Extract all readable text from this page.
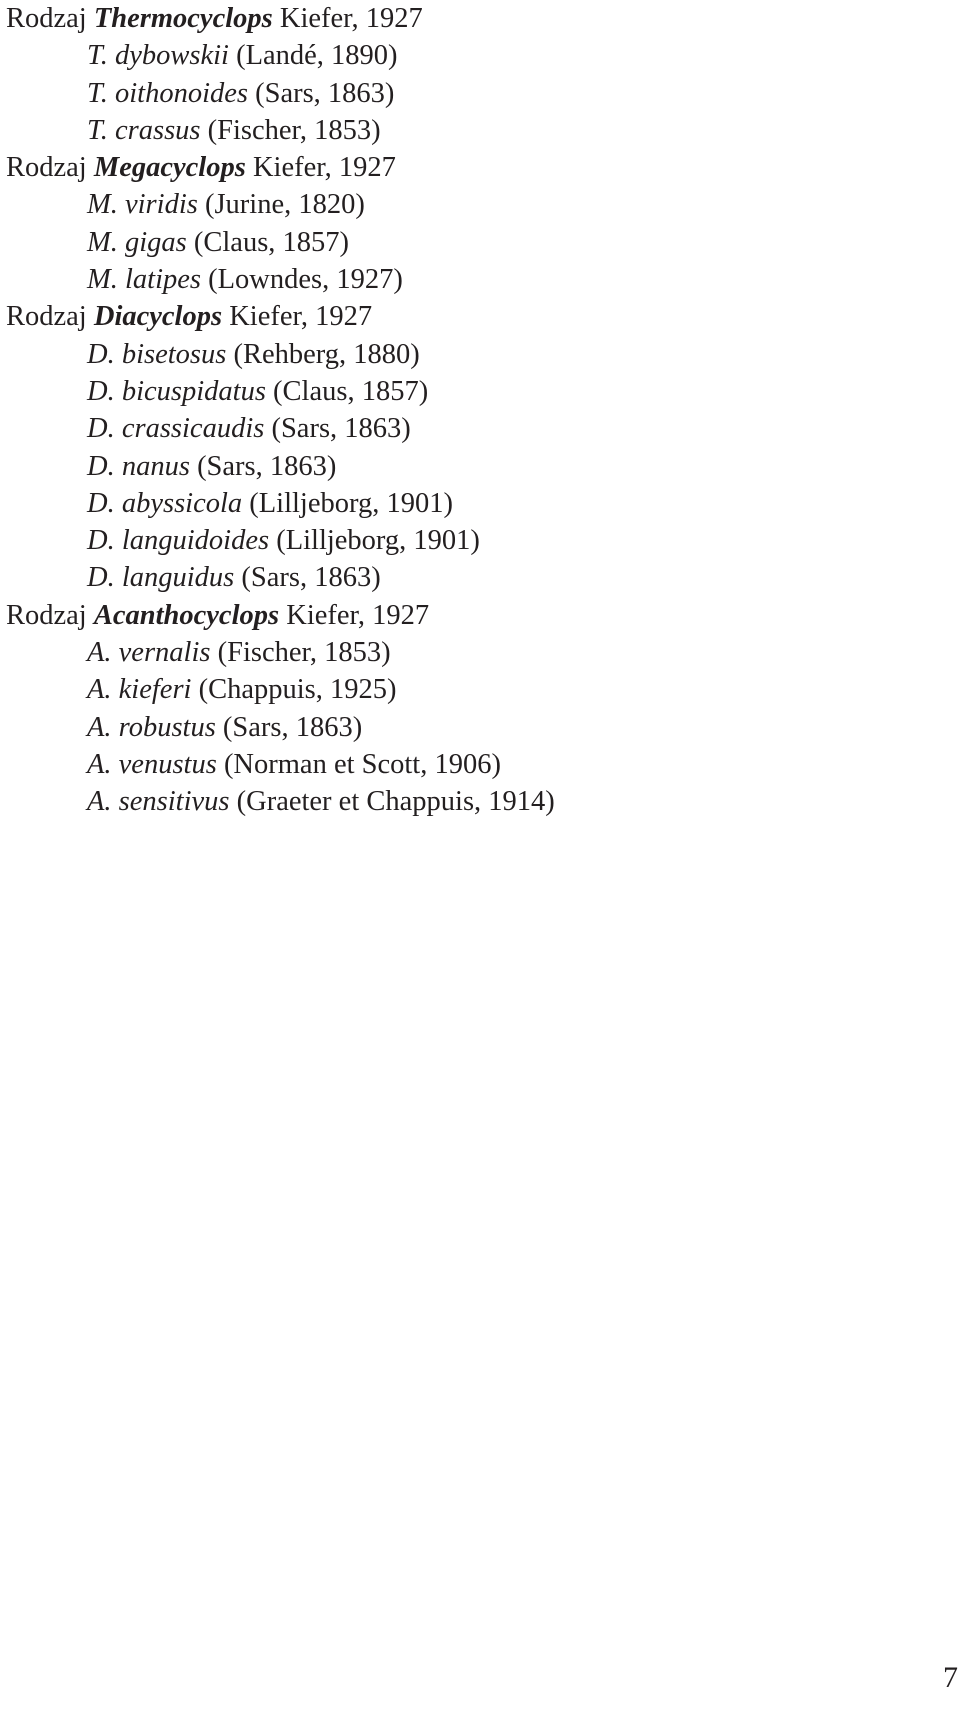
Rodzaj Thermocyclops Kiefer, 1927
T. dybowskii (Landé, 1890)
T. oithonoides (Sars, 1863)
T. crassus (Fischer, 1853)
Rodzaj Megacyclops Kiefer, 1927
M. viridis (Jurine, 1820)
M. gigas (Claus, 1857)
M. latipes (Lowndes, 1927)
Rodzaj Diacyclops Kiefer, 1927
D. bisetosus (Rehberg, 1880)
D. bicuspidatus (Claus, 1857)
D. crassicaudis (Sars, 1863)
D. nanus (Sars, 1863)
D. abyssicola (Lilljeborg, 1901)
D. languidoides (Lilljeborg, 1901)
D. languidus (Sars, 1863)
Rodzaj Acanthocyclops Kiefer, 1927
A. vernalis (Fischer, 1853)
A. kieferi (Chappuis, 1925)
A. robustus (Sars, 1863)
A. venustus (Norman et Scott, 1906)
A. sensitivus (Graeter et Chappuis, 1914)
7
